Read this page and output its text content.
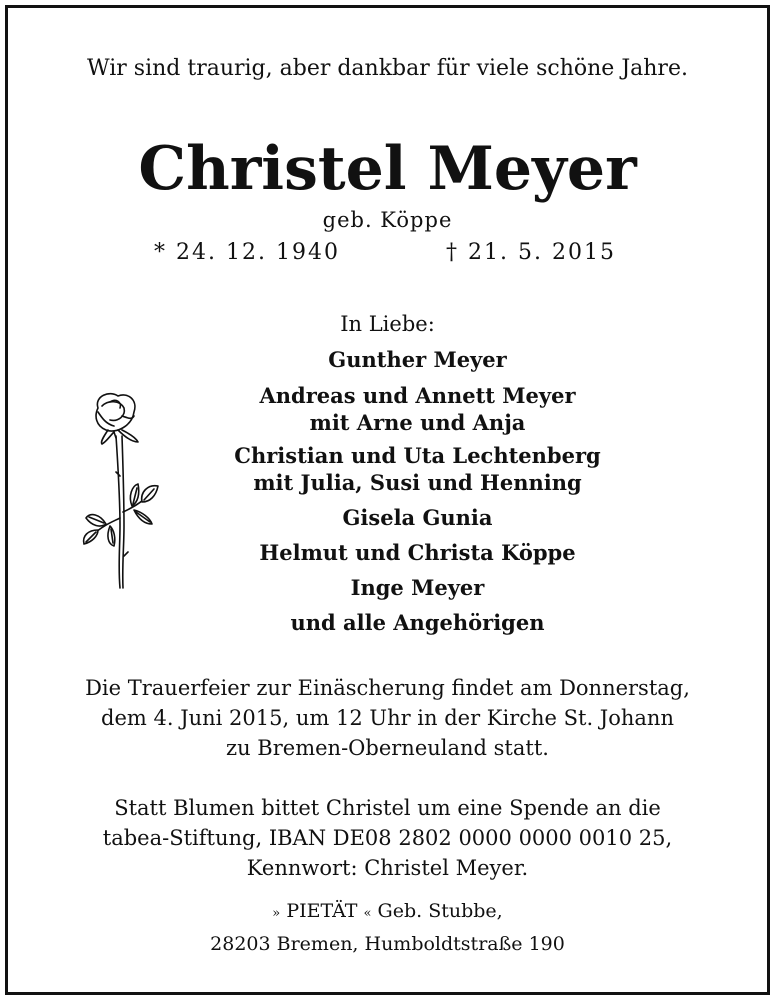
Wir sind traurig, aber dankbar für viele schöne Jahre.
Christel Meyer
geb. Köppe
* 24. 12. 1940	† 21. 5. 2015
In Liebe:
Gunther Meyer
Andreas und Annett Meyer
mit Arne und Anja
Christian und Uta Lechtenberg
mit Julia, Susi und Henning
Gisela Gunia
Helmut und Christa Köppe
Inge Meyer
und alle Angehörigen
Die Trauerfeier zur Einäscherung findet am Donnerstag,
dem 4. Juni 2015, um 12 Uhr in der Kirche St. Johann
zu Bremen-Oberneuland statt.
Statt Blumen bittet Christel um eine Spende an die
tabea-Stiftung, IBAN DE08 2802 0000 0000 0010 25,
Kennwort: Christel Meyer.
» PIETÄT « Geb. Stubbe,
28203 Bremen, Humboldtstraße 190
